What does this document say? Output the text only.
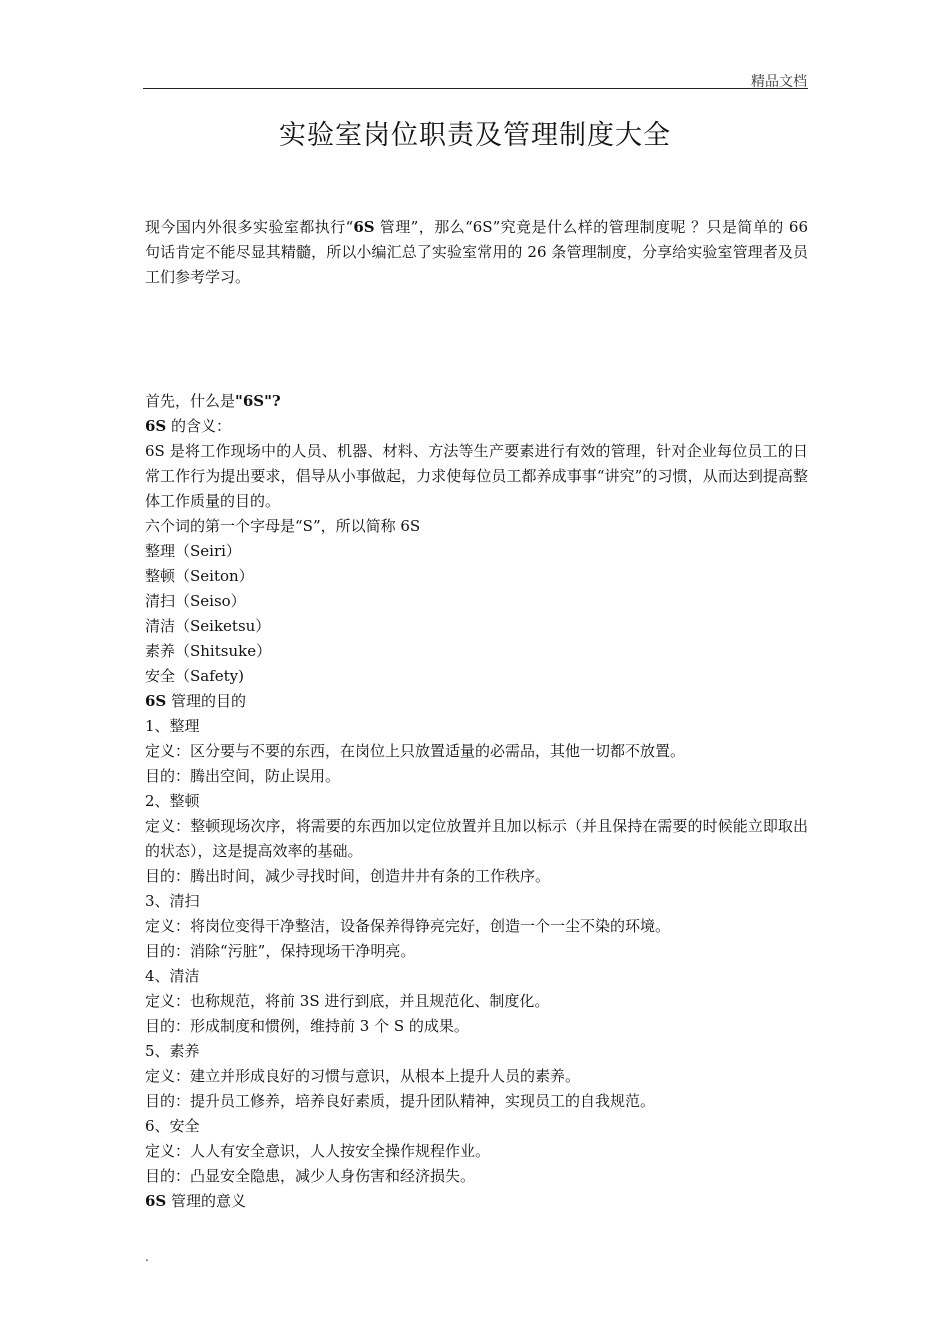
精品文档
实验室岗位职责及管理制度大全
现今国内外很多实验室都执行“6S 管理”，那么“6S”究竟是什么样的管理制度呢 ？只是简单的 66 句话肯定不能尽显其精髓，所以小编汇总了实验室常用的 26 条管理制度，分享给实验室管理者及员工们参考学习。
首先，什么是"6S"?
6S 的含义：
6S 是将工作现场中的人员、机器、材料、方法等生产要素进行有效的管理，针对企业每位员工的日常工作行为提出要求，倡导从小事做起，力求使每位员工都养成事事“讲究”的习惯，从而达到提高整体工作质量的目的。
六个词的第一个字母是“S”，所以简称 6S
整理（Seiri）
整顿（Seiton）
清扫（Seiso）
清洁（Seiketsu）
素养（Shitsuke）
安全（Safety)
6S 管理的目的
1、整理
定义：区分要与不要的东西，在岗位上只放置适量的必需品，其他一切都不放置。
目的：腾出空间，防止误用。
2、整顿
定义：整顿现场次序，将需要的东西加以定位放置并且加以标示（并且保持在需要的时候能立即取出的状态），这是提高效率的基础。
目的：腾出时间，减少寻找时间，创造井井有条的工作秩序。
3、清扫
定义：将岗位变得干净整洁，设备保养得铮亮完好，创造一个一尘不染的环境。
目的：消除“污脏”，保持现场干净明亮。
4、清洁
定义：也称规范，将前 3S 进行到底，并且规范化、制度化。
目的：形成制度和惯例，维持前 3 个 S 的成果。
5、素养
定义：建立并形成良好的习惯与意识，从根本上提升人员的素养。
目的：提升员工修养，培养良好素质，提升团队精神，实现员工的自我规范。
6、安全
定义：人人有安全意识，人人按安全操作规程作业。
目的：凸显安全隐患，减少人身伤害和经济损失。
6S 管理的意义
.
